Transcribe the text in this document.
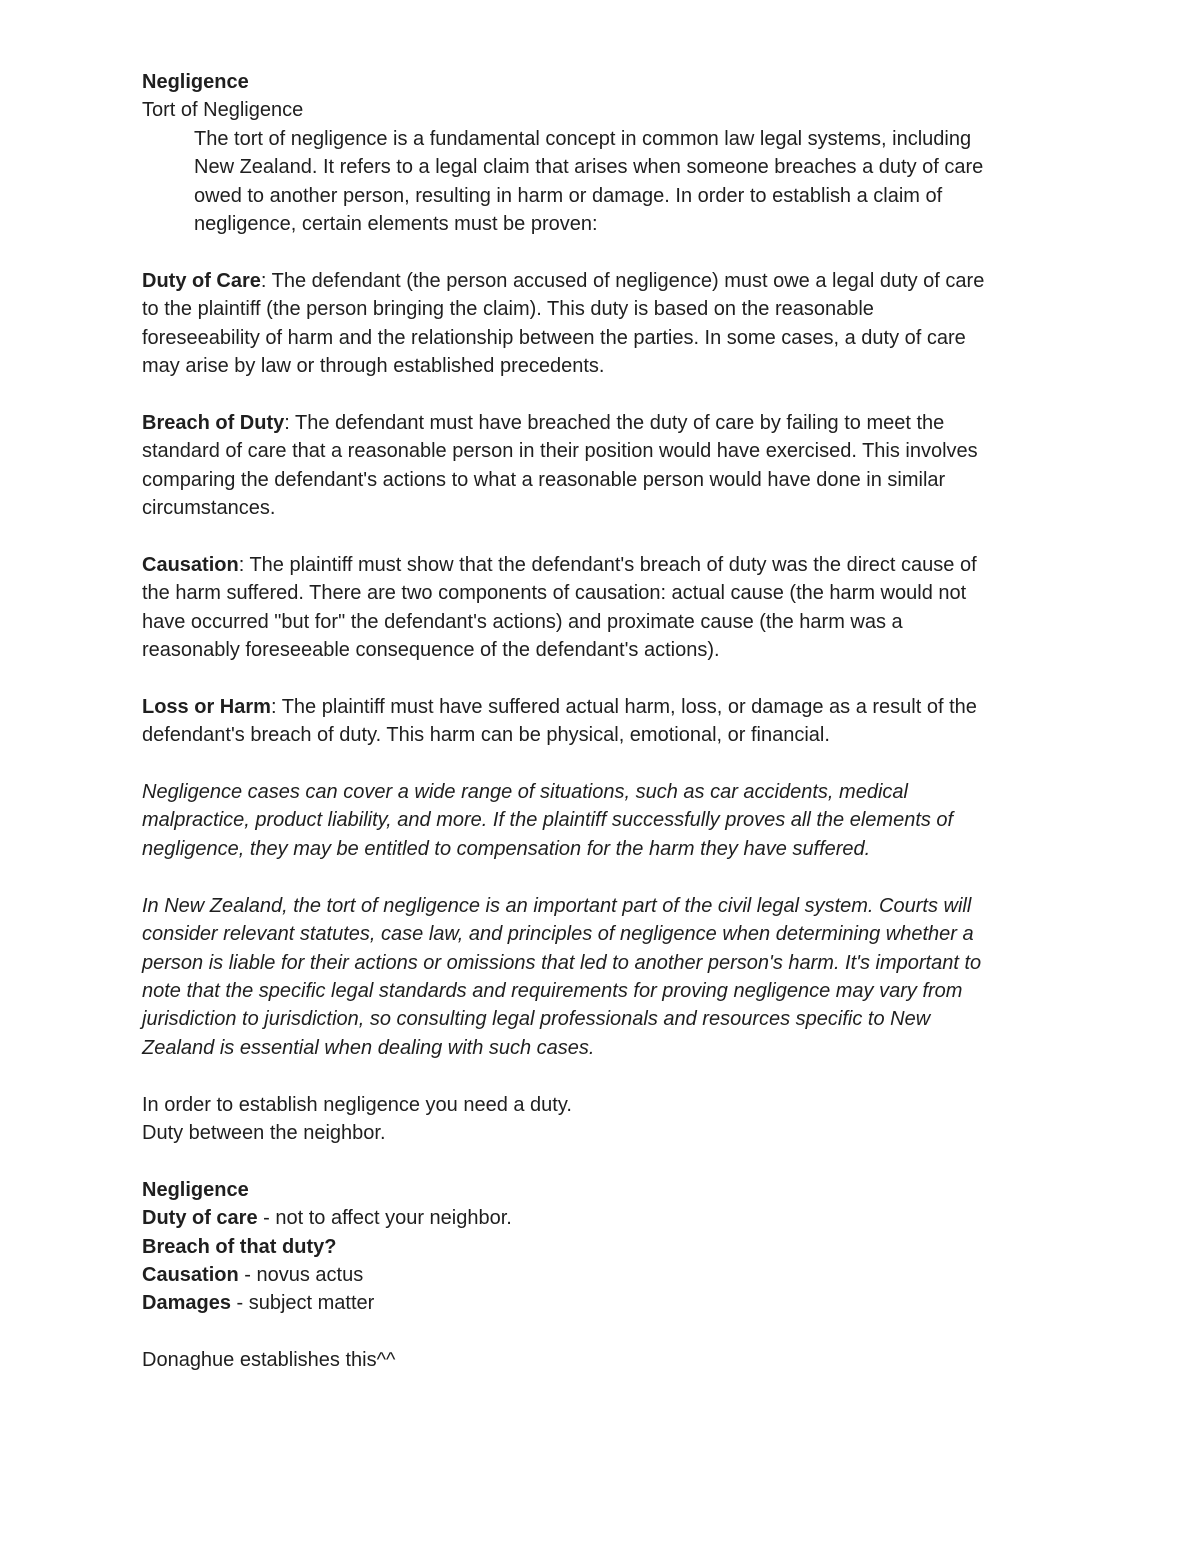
Negligence
Tort of Negligence
The tort of negligence is a fundamental concept in common law legal systems, including
New Zealand. It refers to a legal claim that arises when someone breaches a duty of care
owed to another person, resulting in harm or damage. In order to establish a claim of
negligence, certain elements must be proven:
Duty of Care: The defendant (the person accused of negligence) must owe a legal duty of care
to the plaintiff (the person bringing the claim). This duty is based on the reasonable
foreseeability of harm and the relationship between the parties. In some cases, a duty of care
may arise by law or through established precedents.
Breach of Duty: The defendant must have breached the duty of care by failing to meet the
standard of care that a reasonable person in their position would have exercised. This involves
comparing the defendant's actions to what a reasonable person would have done in similar
circumstances.
Causation: The plaintiff must show that the defendant's breach of duty was the direct cause of
the harm suffered. There are two components of causation: actual cause (the harm would not
have occurred "but for" the defendant's actions) and proximate cause (the harm was a
reasonably foreseeable consequence of the defendant's actions).
Loss or Harm: The plaintiff must have suffered actual harm, loss, or damage as a result of the
defendant's breach of duty. This harm can be physical, emotional, or financial.
Negligence cases can cover a wide range of situations, such as car accidents, medical
malpractice, product liability, and more. If the plaintiff successfully proves all the elements of
negligence, they may be entitled to compensation for the harm they have suffered.
In New Zealand, the tort of negligence is an important part of the civil legal system. Courts will
consider relevant statutes, case law, and principles of negligence when determining whether a
person is liable for their actions or omissions that led to another person's harm. It's important to
note that the specific legal standards and requirements for proving negligence may vary from
jurisdiction to jurisdiction, so consulting legal professionals and resources specific to New
Zealand is essential when dealing with such cases.
In order to establish negligence you need a duty.
Duty between the neighbor.
Negligence
Duty of care - not to affect your neighbor.
Breach of that duty?
Causation - novus actus
Damages - subject matter
Donaghue establishes this^^
